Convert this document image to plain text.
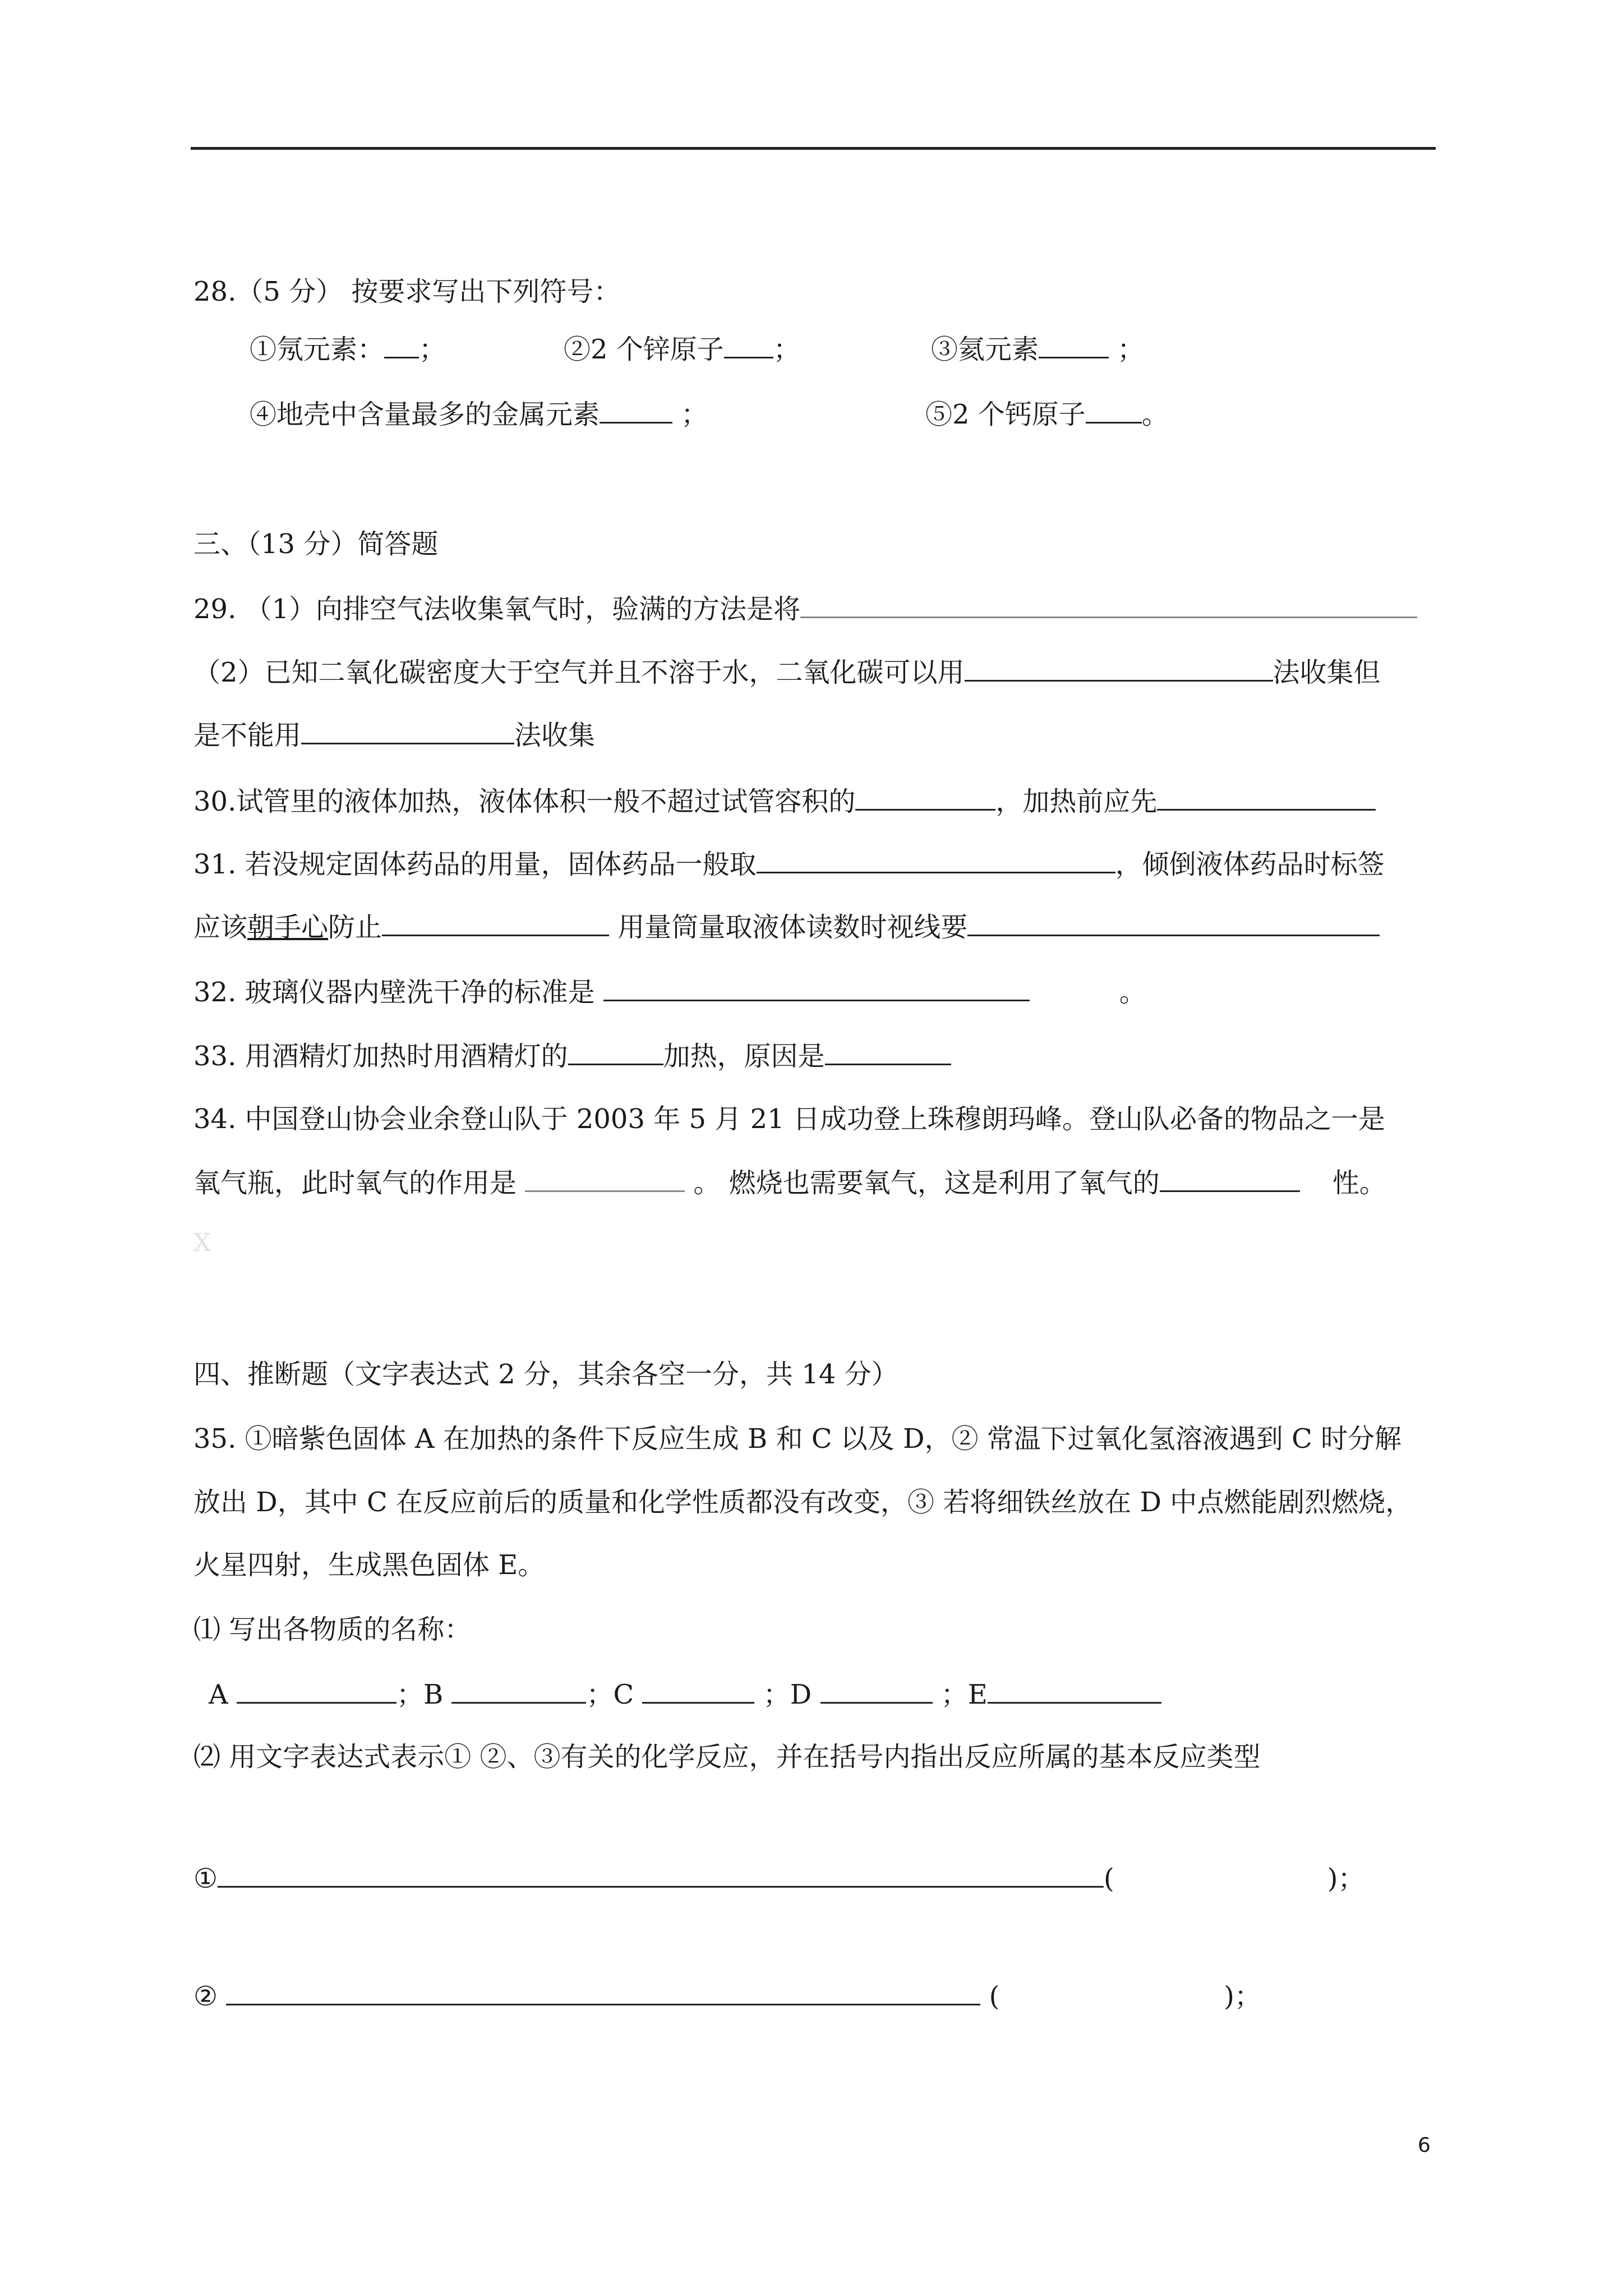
28.（5 分） 按要求写出下列符号：
①氖元素： ；	②2 个锌原子 ；	③氦元素	；
④地壳中含量最多的金属元素	；	⑤2 个钙原子 。
三、（13 分）简答题
29. （1）向排空气法收集氧气时，验满的方法是将
（2）已知二氧化碳密度大于空气并且不溶于水，二氧化碳可以用	法收集但
是不能用	法收集
30.试管里的液体加热，液体体积一般不超过试管容积的	，加热前应先
31. 若没规定固体药品的用量，固体药品一般取	，倾倒液体药品时标签
应该朝手心防止	用量筒量取液体读数时视线要
32. 玻璃仪器内壁洗干净的标准是	。
33. 用酒精灯加热时用酒精灯的	加热，原因是
34. 中国登山协会业余登山队于 2003 年 5 月 21 日成功登上珠穆朗玛峰。登山队必备的物品之一是
氧气瓶，此时氧气的作用是	。 燃烧也需要氧气，这是利用了氧气的	性。
X
四、推断题（文字表达式 2 分，其余各空一分，共 14 分）
35. ①暗紫色固体 A 在加热的条件下反应生成 B 和 C 以及 D，② 常温下过氧化氢溶液遇到 C 时分解
放出 D，其中 C 在反应前后的质量和化学性质都没有改变，③ 若将细铁丝放在 D 中点燃能剧烈燃烧，
火星四射，生成黑色固体 E。
⑴ 写出各物质的名称：
A	；B	；C	；D	；E
⑵ 用文字表达式表示① ②、③有关的化学反应，并在括号内指出反应所属的基本反应类型
①	(	)；
②	(	)；
6
